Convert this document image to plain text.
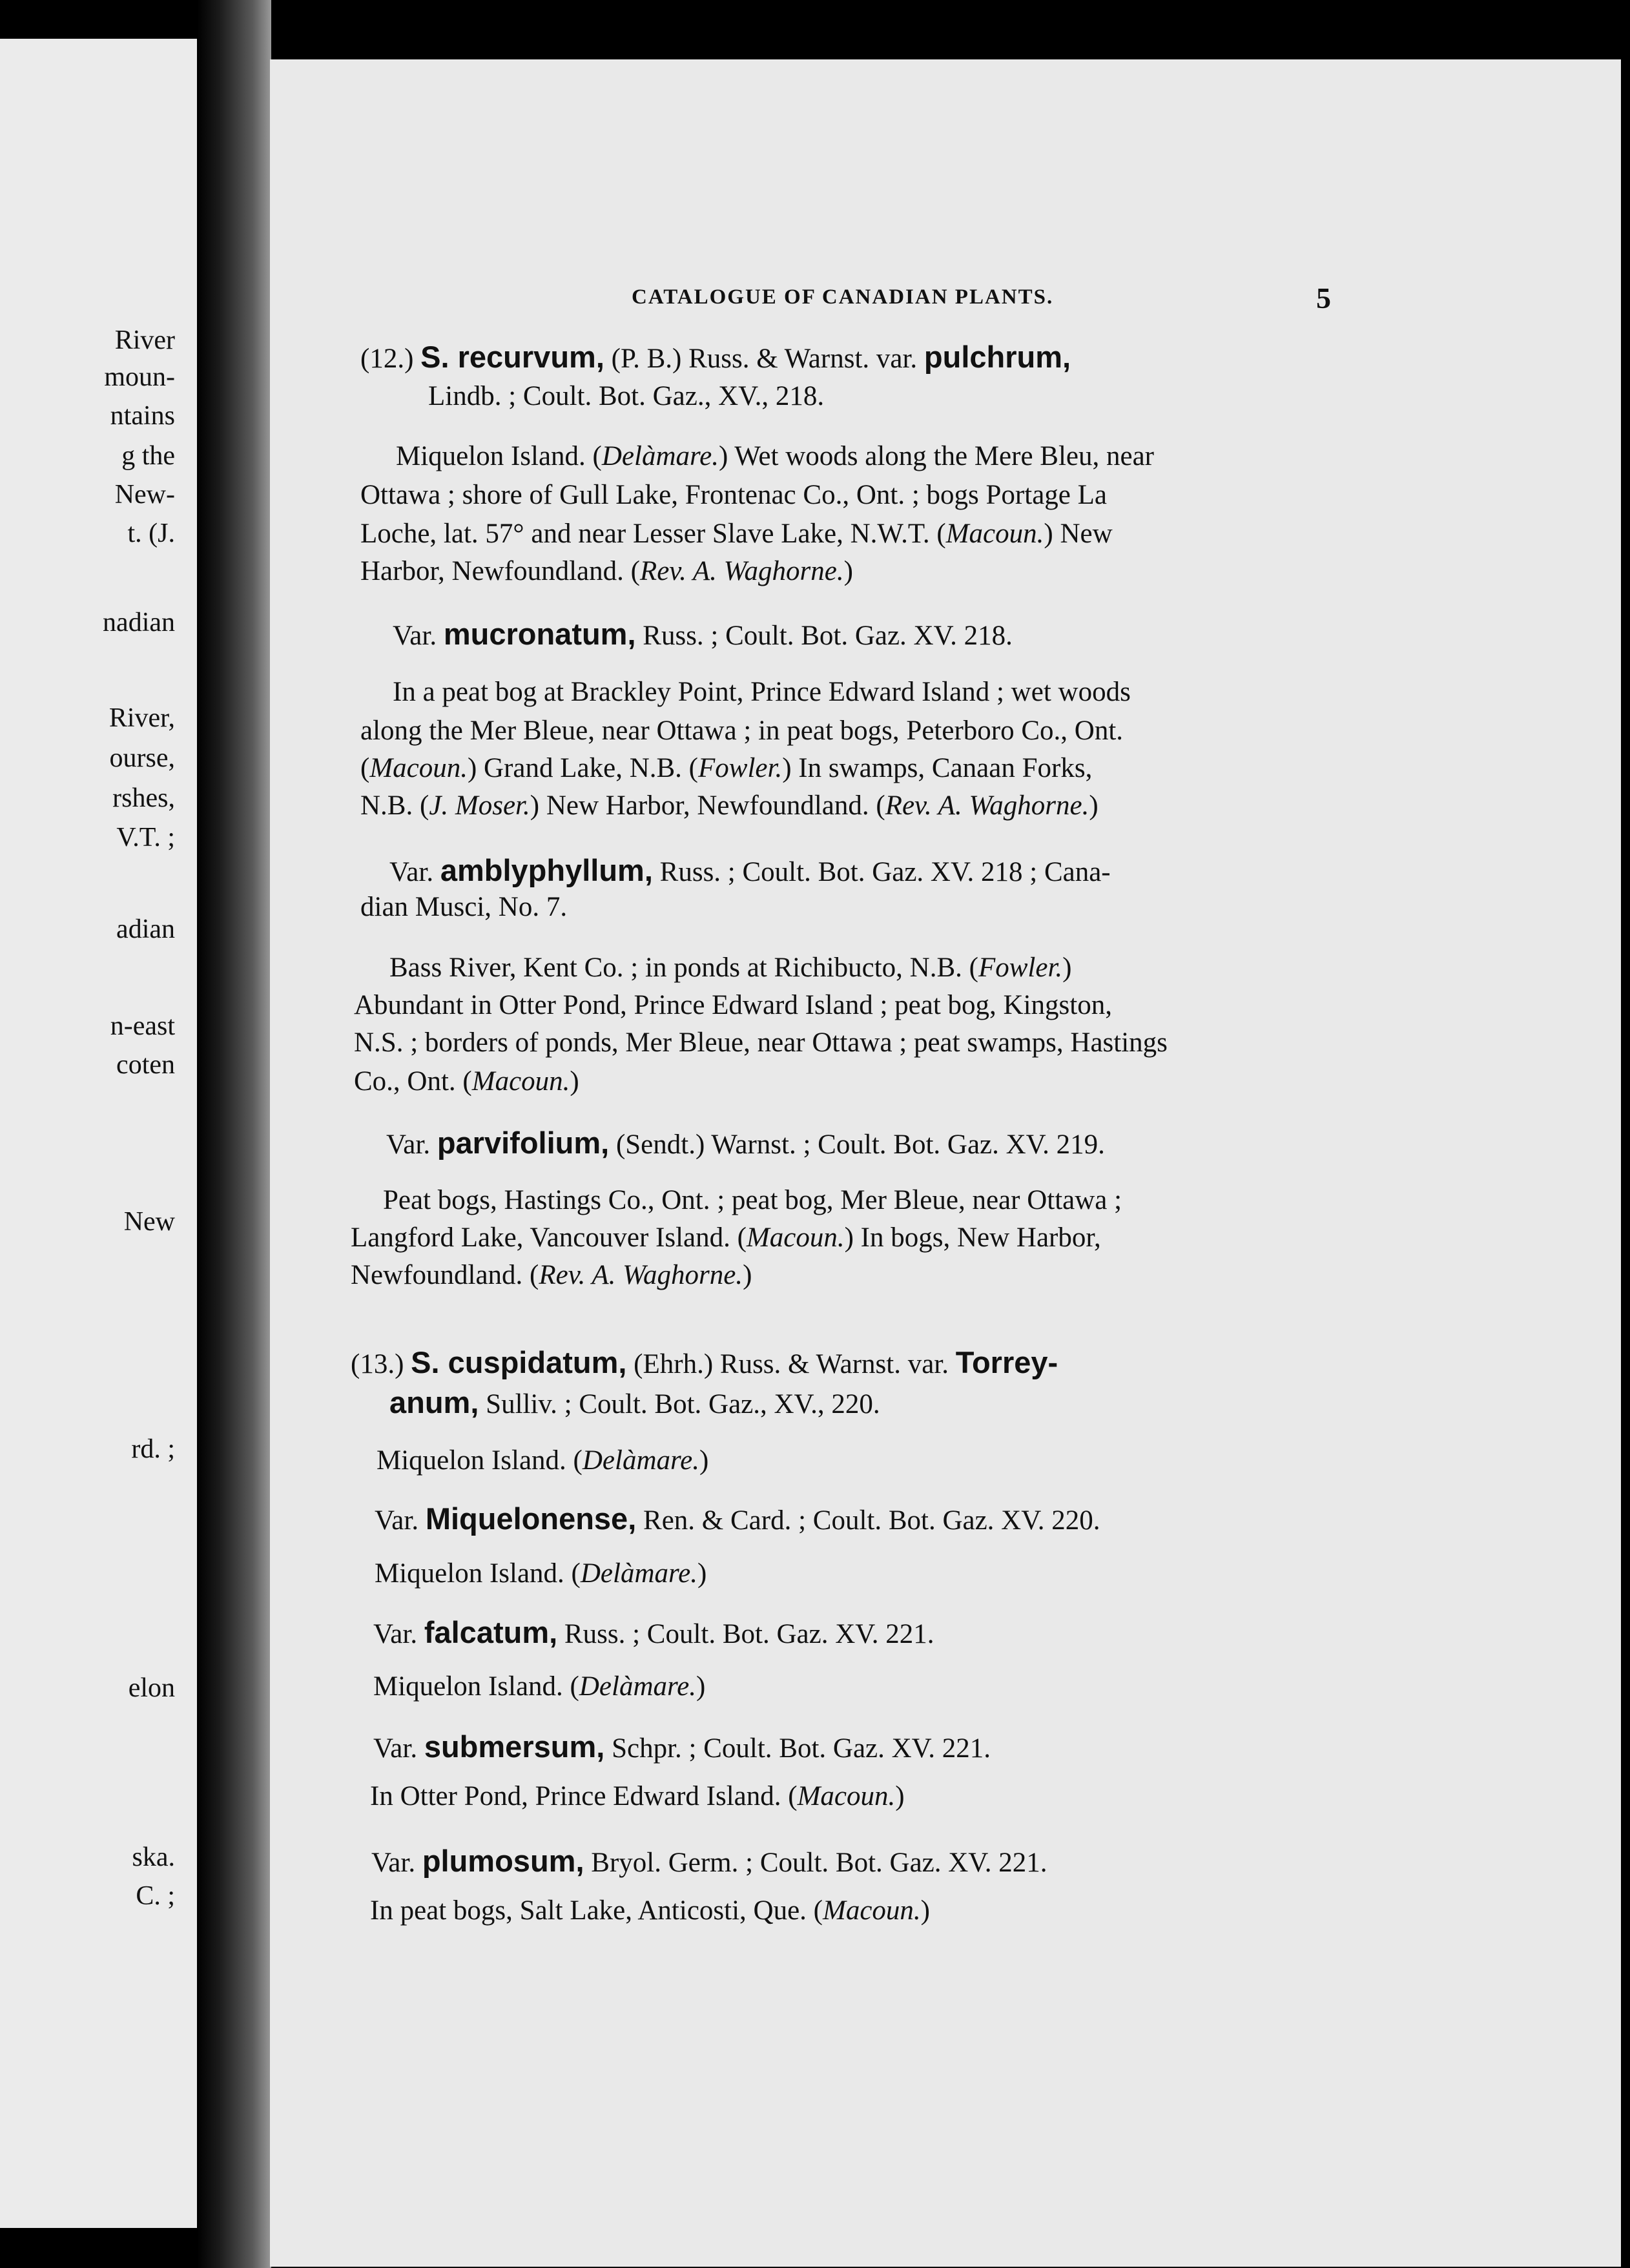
River
moun-
ntains
g the
New-
t. (J.
nadian
River,
ourse,
rshes,
V.T. ;
adian
n-east
coten
New
rd. ;
elon
ska.
C. ;
CATALOGUE OF CANADIAN PLANTS.	5
(12.) S. recurvum, (P. B.) Russ. & Warnst. var. pulchrum,
Lindb. ; Coult. Bot. Gaz., XV., 218.
Miquelon Island. (Delàmare.) Wet woods along the Mere Bleu, near
Ottawa ; shore of Gull Lake, Frontenac Co., Ont. ; bogs Portage La
Loche, lat. 57° and near Lesser Slave Lake, N.W.T. (Macoun.) New
Harbor, Newfoundland. (Rev. A. Waghorne.)
Var. mucronatum, Russ. ; Coult. Bot. Gaz. XV. 218.
In a peat bog at Brackley Point, Prince Edward Island ; wet woods
along the Mer Bleue, near Ottawa ; in peat bogs, Peterboro Co., Ont.
(Macoun.) Grand Lake, N.B. (Fowler.) In swamps, Canaan Forks,
N.B. (J. Moser.) New Harbor, Newfoundland. (Rev. A. Waghorne.)
Var. amblyphyllum, Russ. ; Coult. Bot. Gaz. XV. 218 ; Cana-
dian Musci, No. 7.
Bass River, Kent Co. ; in ponds at Richibucto, N.B. (Fowler.)
Abundant in Otter Pond, Prince Edward Island ; peat bog, Kingston,
N.S. ; borders of ponds, Mer Bleue, near Ottawa ; peat swamps, Hastings
Co., Ont. (Macoun.)
Var. parvifolium, (Sendt.) Warnst. ; Coult. Bot. Gaz. XV. 219.
Peat bogs, Hastings Co., Ont. ; peat bog, Mer Bleue, near Ottawa ;
Langford Lake, Vancouver Island. (Macoun.) In bogs, New Harbor,
Newfoundland. (Rev. A. Waghorne.)
(13.) S. cuspidatum, (Ehrh.) Russ. & Warnst. var. Torrey-
anum, Sulliv. ; Coult. Bot. Gaz., XV., 220.
Miquelon Island. (Delàmare.)
Var. Miquelonense, Ren. & Card. ; Coult. Bot. Gaz. XV. 220.
Miquelon Island. (Delàmare.)
Var. falcatum, Russ. ; Coult. Bot. Gaz. XV. 221.
Miquelon Island. (Delàmare.)
Var. submersum, Schpr. ; Coult. Bot. Gaz. XV. 221.
In Otter Pond, Prince Edward Island. (Macoun.)
Var. plumosum, Bryol. Germ. ; Coult. Bot. Gaz. XV. 221.
In peat bogs, Salt Lake, Anticosti, Que. (Macoun.)
